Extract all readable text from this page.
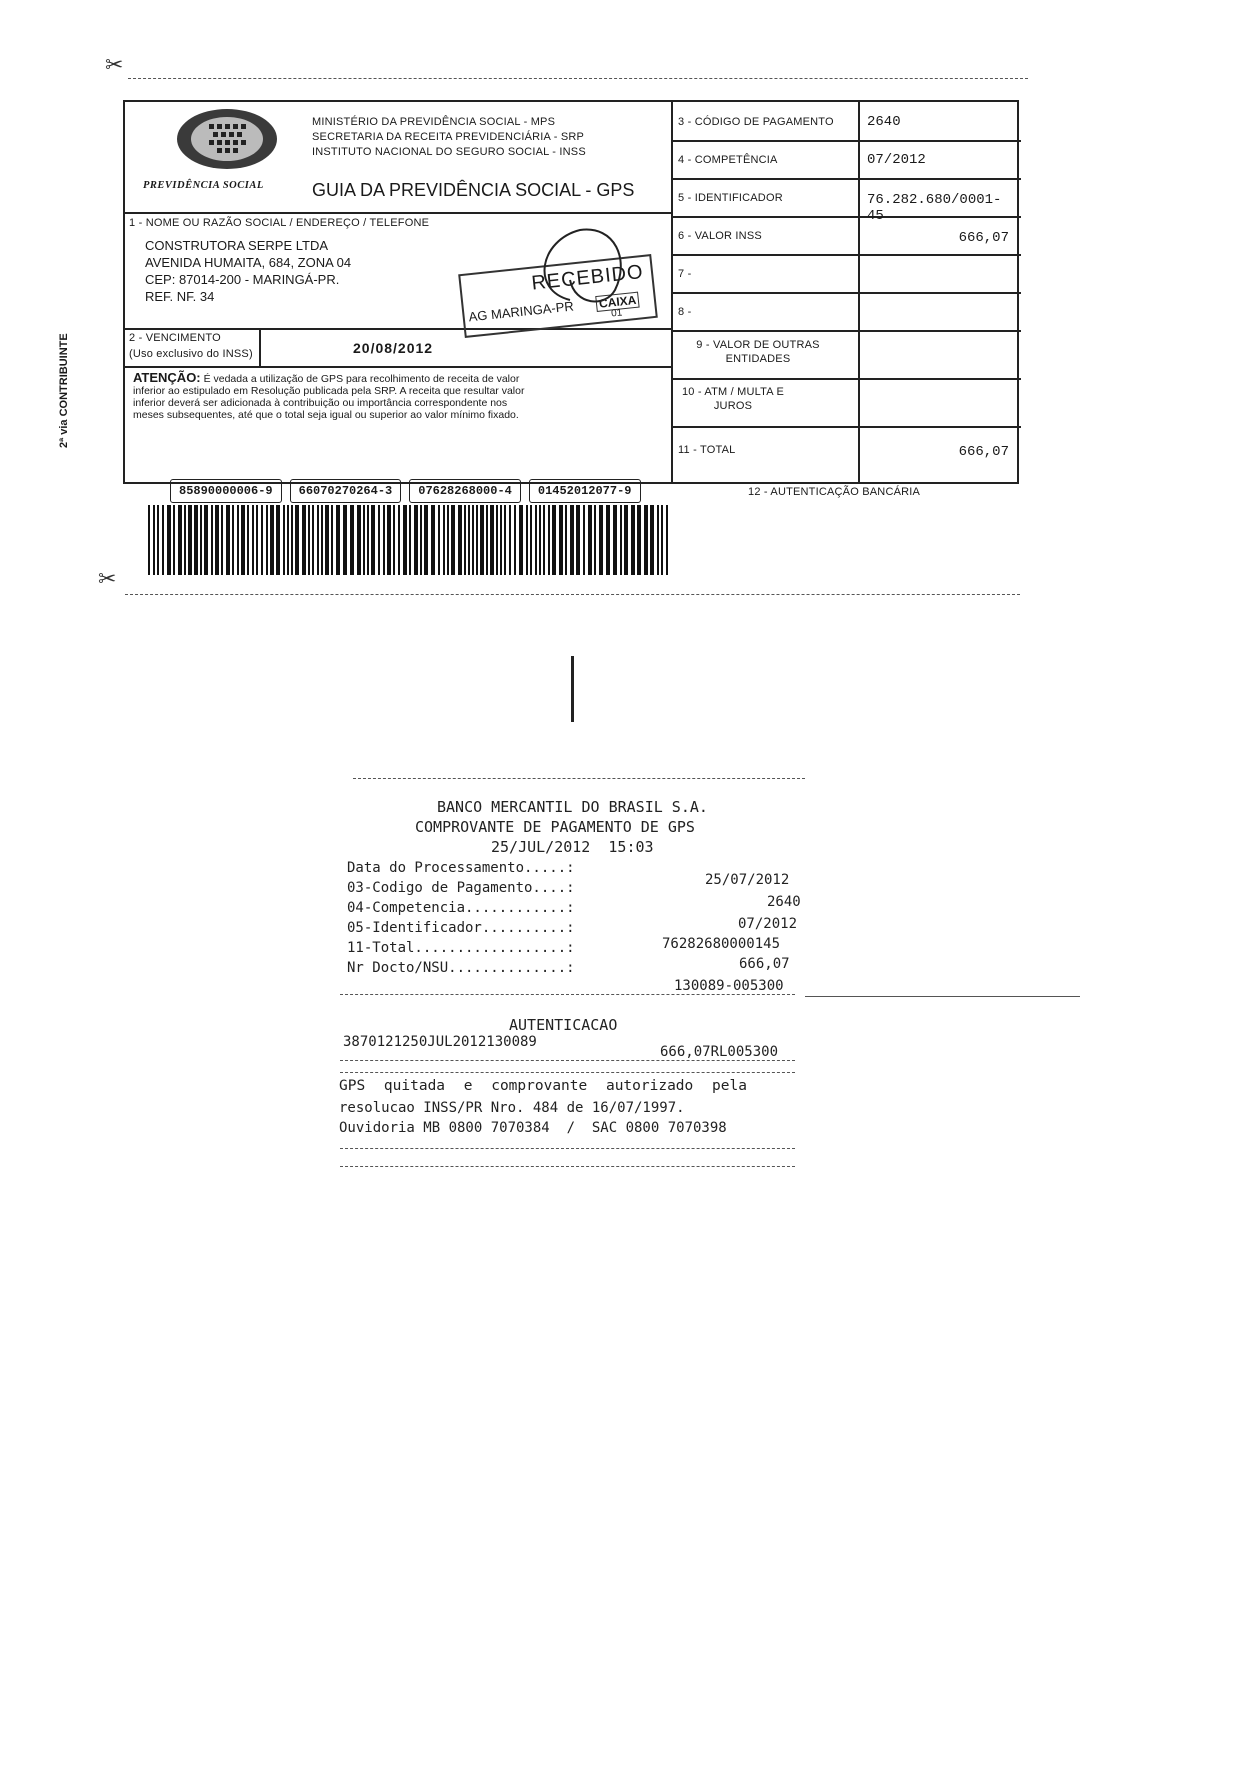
✂
PREVIDÊNCIA SOCIAL
MINISTÉRIO DA PREVIDÊNCIA SOCIAL - MPS
SECRETARIA DA RECEITA PREVIDENCIÁRIA - SRP
INSTITUTO NACIONAL DO SEGURO SOCIAL - INSS
GUIA DA PREVIDÊNCIA SOCIAL - GPS
1 - NOME OU RAZÃO SOCIAL / ENDEREÇO / TELEFONE
CONSTRUTORA SERPE LTDA
AVENIDA HUMAITA, 684, ZONA 04
CEP: 87014-200 - MARINGÁ-PR.
REF. NF. 34
RECEBIDO
AG MARINGA-PR CAIXA
01
2 - VENCIMENTO
(Uso exclusivo do INSS)	20/08/2012
ATENÇÃO: É vedada a utilização de GPS para recolhimento de receita de valor
inferior ao estipulado em Resolução publicada pela SRP. A receita que resultar valor
inferior deverá ser adicionada à contribuição ou importância correspondente nos
meses subsequentes, até que o total seja igual ou superior ao valor mínimo fixado.
3 - CÓDIGO DE PAGAMENTO 2640
4 - COMPETÊNCIA	07/2012
5 - IDENTIFICADOR	76.282.680/0001-45
6 - VALOR INSS	666,07
7 -
8 -
9 - VALOR DE OUTRAS ENTIDADES
10 - ATM / MULTA E JUROS
11 - TOTAL	666,07
2ª via CONTRIBUINTE
12 - AUTENTICAÇÃO BANCÁRIA
85890000006-9	66070270264-3	07628268000-4	01452012077-9
✂
BANCO MERCANTIL DO BRASIL S.A.
COMPROVANTE DE PAGAMENTO DE GPS
25/JUL/2012  15:03
Data do Processamento.....:
25/07/2012
03-Codigo de Pagamento....:
2640
04-Competencia............:
07/2012
05-Identificador..........:
76282680000145
11-Total..................:
666,07
Nr Docto/NSU..............:
130089-005300
AUTENTICACAO
3870121250JUL2012130089
666,07RL005300
GPS quitada e comprovante autorizado pela
resolucao INSS/PR Nro. 484 de 16/07/1997.
Ouvidoria MB 0800 7070384  /  SAC 0800 7070398
